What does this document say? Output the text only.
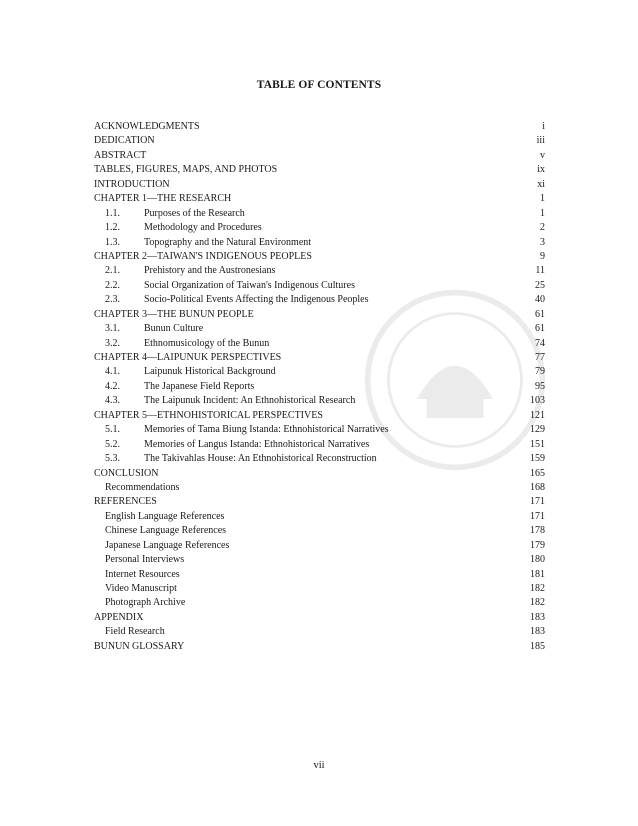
TABLE OF CONTENTS
ACKNOWLEDGMENTS	i
DEDICATION	iii
ABSTRACT	v
TABLES, FIGURES, MAPS, AND PHOTOS	ix
INTRODUCTION	xi
CHAPTER 1—THE RESEARCH	1
1.1. Purposes of the Research	1
1.2. Methodology and Procedures	2
1.3. Topography and the Natural Environment	3
CHAPTER 2—TAIWAN'S INDIGENOUS PEOPLES	9
2.1. Prehistory and the Austronesians	11
2.2. Social Organization of Taiwan's Indigenous Cultures	25
2.3. Socio-Political Events Affecting the Indigenous Peoples	40
CHAPTER 3—THE BUNUN PEOPLE	61
3.1. Bunun Culture	61
3.2. Ethnomusicology of the Bunun	74
CHAPTER 4—LAIPUNUK PERSPECTIVES	77
4.1. Laipunuk Historical Background	79
4.2. The Japanese Field Reports	95
4.3. The Laipunuk Incident: An Ethnohistorical Research	103
CHAPTER 5—ETHNOHISTORICAL PERSPECTIVES	121
5.1. Memories of Tama Biung Istanda: Ethnohistorical Narratives	129
5.2. Memories of Langus Istanda: Ethnohistorical Narratives	151
5.3. The Takivahlas House: An Ethnohistorical Reconstruction	159
CONCLUSION	165
Recommendations	168
REFERENCES	171
English Language References	171
Chinese Language References	178
Japanese Language References	179
Personal Interviews	180
Internet Resources	181
Video Manuscript	182
Photograph Archive	182
APPENDIX	183
Field Research	183
BUNUN GLOSSARY	185
vii
